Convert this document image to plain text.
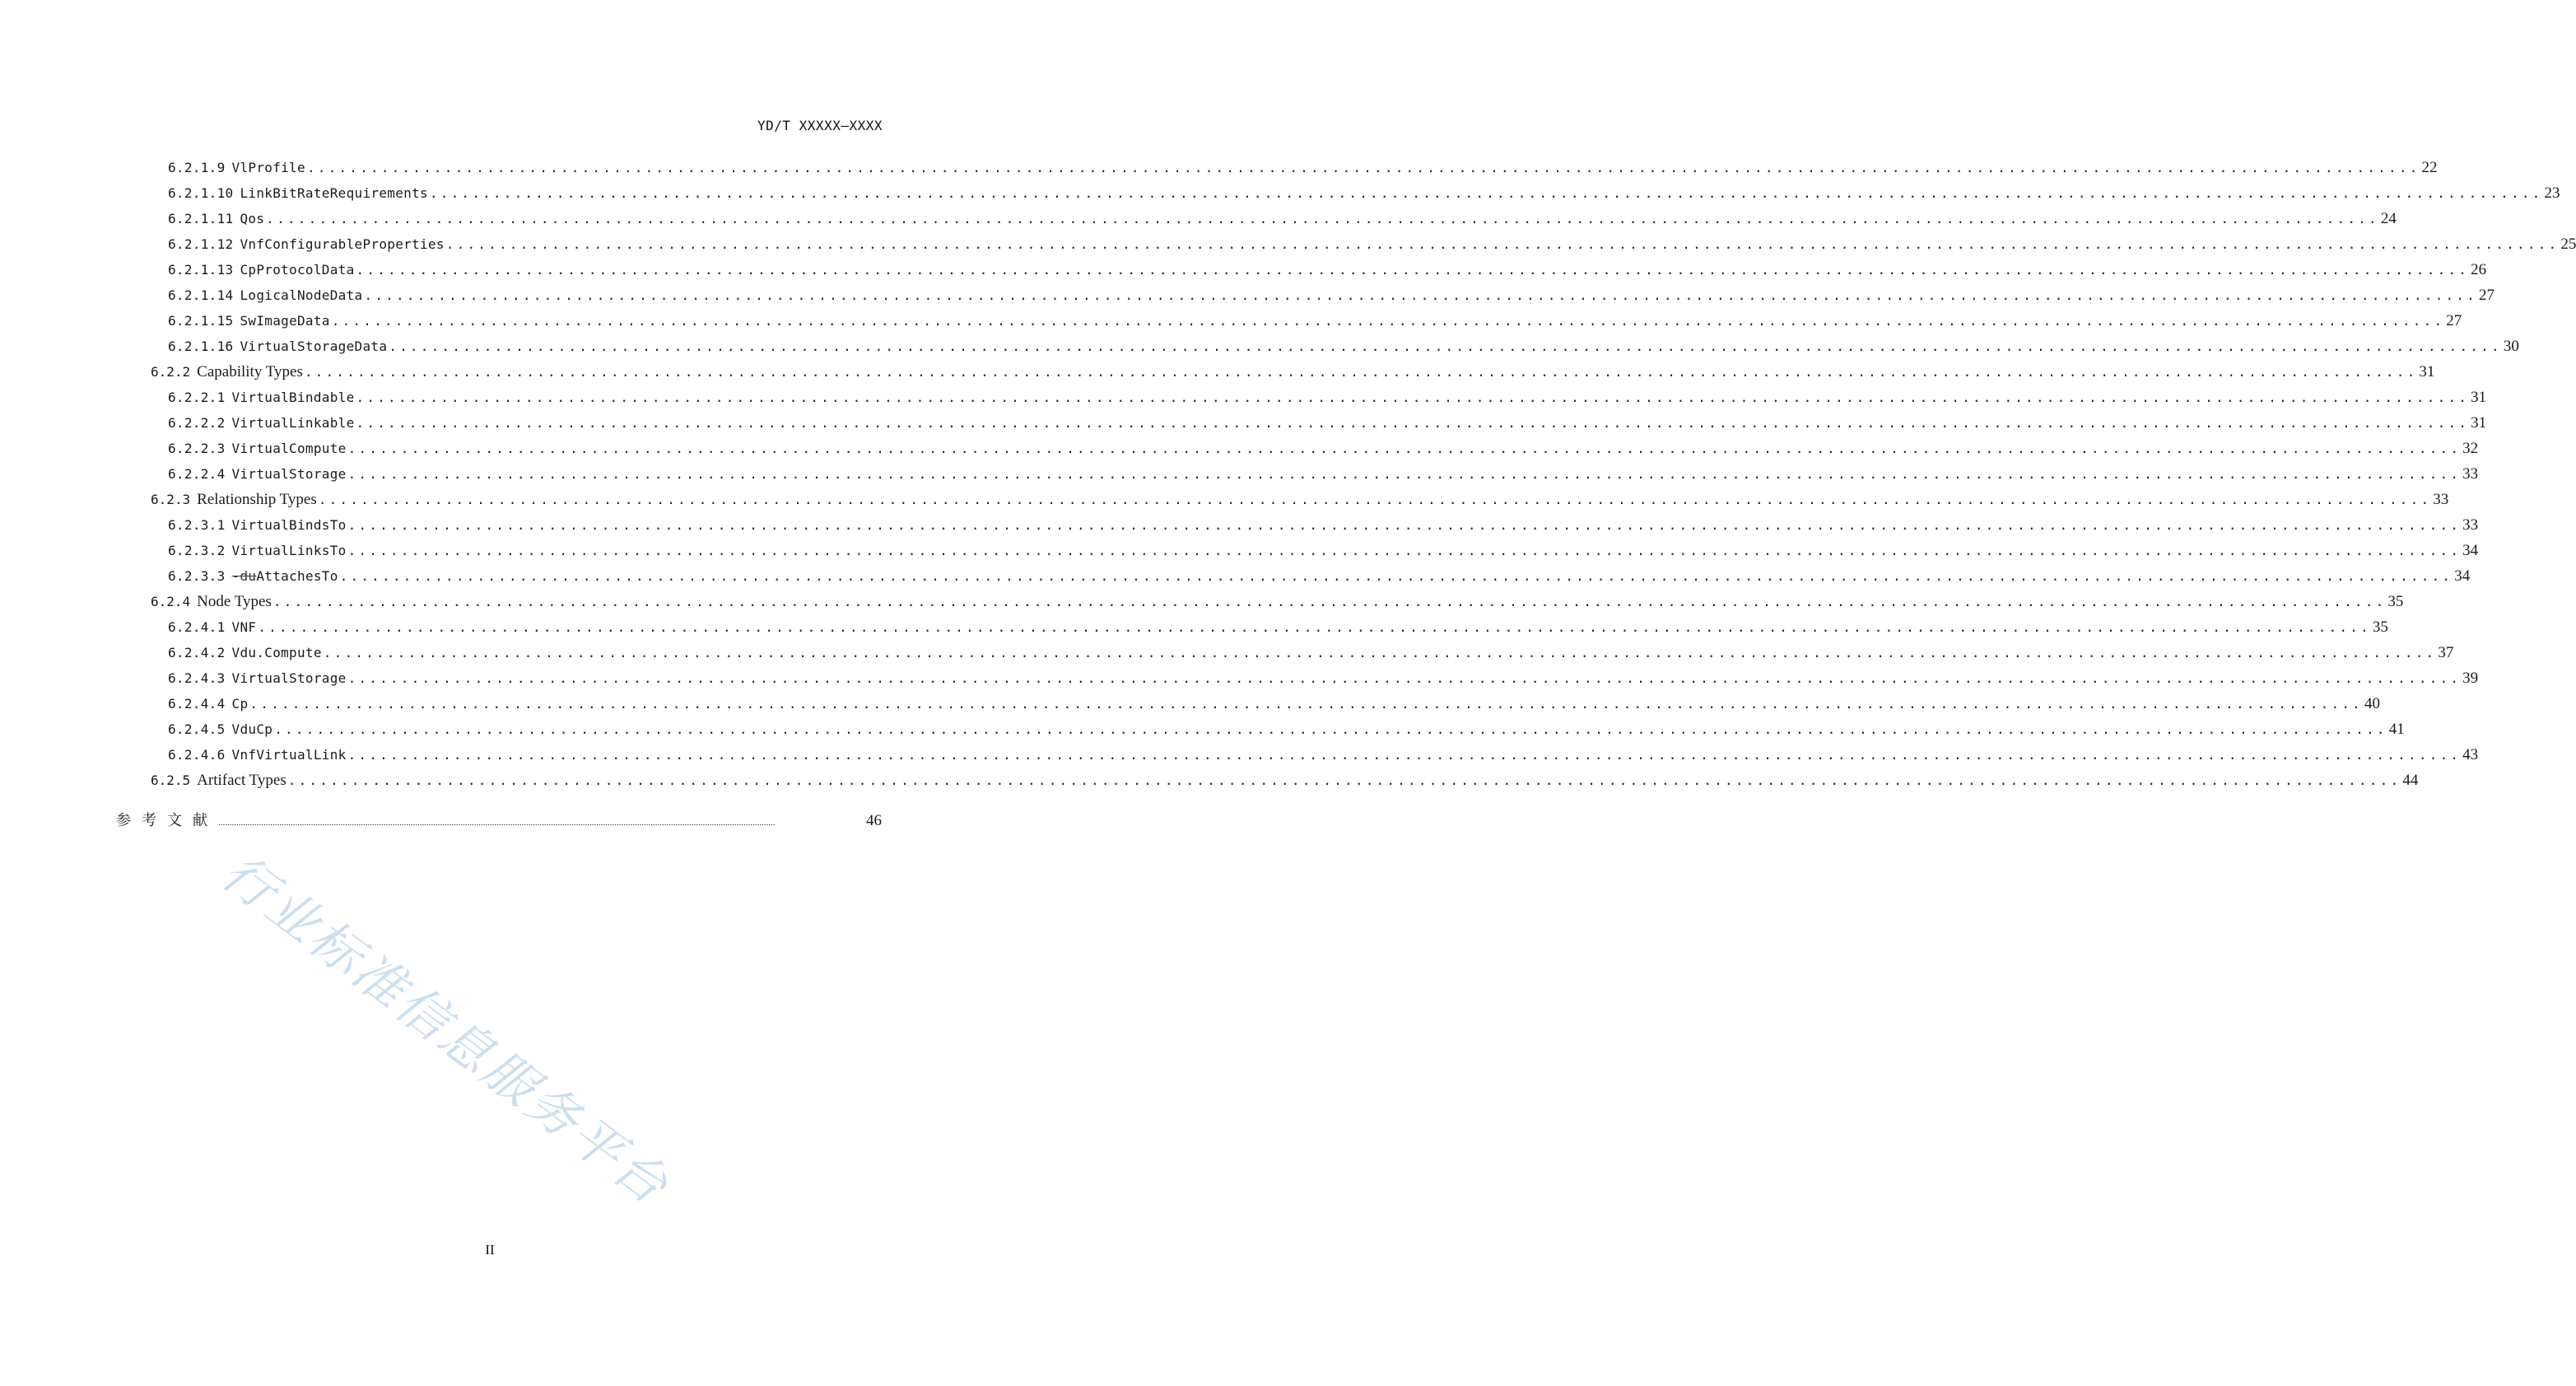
YD/T XXXXX—XXXX
6.2.1.9 VlProfile ........................................................................................................................................................................................................ 22
6.2.1.10 LinkBitRateRequirements ........................................................................................................................................................................................................ 23
6.2.1.11 Qos ........................................................................................................................................................................................................ 24
6.2.1.12 VnfConfigurableProperties ........................................................................................................................................................................................................ 25
6.2.1.13 CpProtocolData ........................................................................................................................................................................................................ 26
6.2.1.14 LogicalNodeData ........................................................................................................................................................................................................ 27
6.2.1.15 SwImageData ........................................................................................................................................................................................................ 27
6.2.1.16 VirtualStorageData ........................................................................................................................................................................................................ 30
6.2.2 Capability Types ........................................................................................................................................................................................................ 31
6.2.2.1 VirtualBindable ........................................................................................................................................................................................................ 31
6.2.2.2 VirtualLinkable ........................................................................................................................................................................................................ 31
6.2.2.3 VirtualCompute ........................................................................................................................................................................................................ 32
6.2.2.4 VirtualStorage ........................................................................................................................................................................................................ 33
6.2.3 Relationship Types ........................................................................................................................................................................................................ 33
6.2.3.1 VirtualBindsTo ........................................................................................................................................................................................................ 33
6.2.3.2 VirtualLinksTo ........................................................................................................................................................................................................ 34
6.2.3.3 -duAttachesTo ........................................................................................................................................................................................................ 34
6.2.4 Node Types ........................................................................................................................................................................................................ 35
6.2.4.1 VNF ........................................................................................................................................................................................................ 35
6.2.4.2 Vdu.Compute ........................................................................................................................................................................................................ 37
6.2.4.3 VirtualStorage ........................................................................................................................................................................................................ 39
6.2.4.4 Cp ........................................................................................................................................................................................................ 40
6.2.4.5 VduCp ........................................................................................................................................................................................................ 41
6.2.4.6 VnfVirtualLink ........................................................................................................................................................................................................ 43
6.2.5 Artifact Types ........................................................................................................................................................................................................ 44
参考文献 ......................................................................................................................................................................................................................................................	46
行业标准信息服务平台
II
